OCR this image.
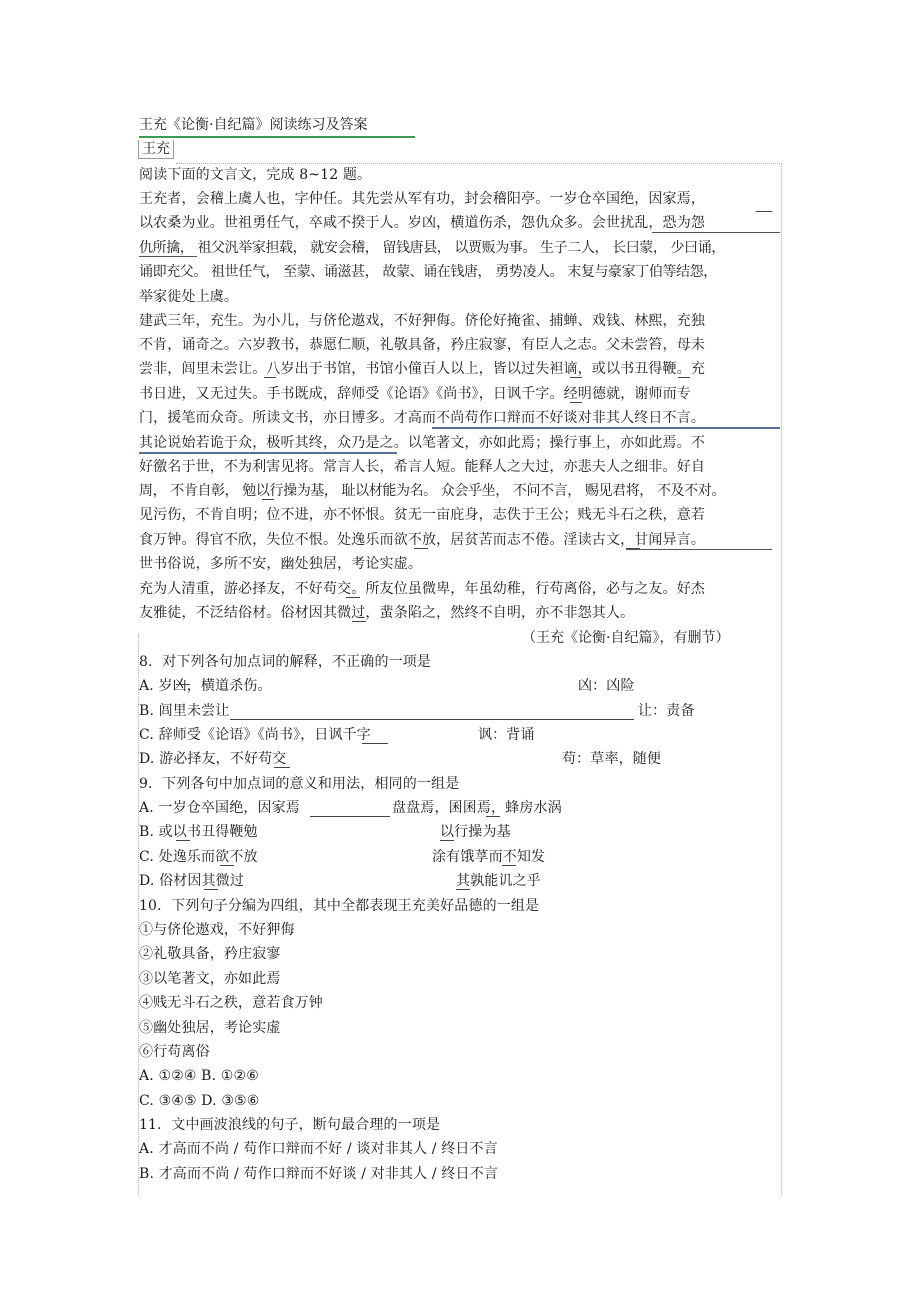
王充《论衡·自纪篇》阅读练习及答案
王充
阅读下面的文言文，完成 8~12 题。
王充者，会稽上虞人也，字仲任。其先尝从军有功，封会稽阳亭。一岁仓卒国绝，因家焉，
以农桑为业。世祖勇任气，卒咸不揆于人。岁凶，横道伤杀，怨仇众多。会世扰乱，恐为怨
仇所擒， 祖父汎举家担载， 就安会稽， 留钱唐县， 以贾贩为事。 生子二人， 长曰蒙， 少曰诵，
诵即充父。 祖世任气， 至蒙、诵滋甚， 故蒙、诵在钱唐， 勇势凌人。 末复与豪家丁伯等结怨，
举家徙处上虞。
建武三年，充生。为小儿，与侪伦遨戏，不好狎侮。侪伦好掩雀、捕蝉、戏钱、林熙，充独
不肯，诵奇之。六岁教书，恭愿仁顺，礼敬具备，矜庄寂寥，有臣人之志。父未尝笞，母未
尝非，闾里未尝让。八岁出于书馆，书馆小僮百人以上，皆以过失袒谪，或以书丑得鞭。充
书日进，又无过失。手书既成，辞师受《论语》《尚书》，日讽千字。经明德就，谢师而专
门，援笔而众奇。所读文书，亦日博多。才高而不尚苟作口辩而不好谈对非其人终日不言。
其论说始若诡于众，极听其终，众乃是之。以笔著文，亦如此焉；操行事上，亦如此焉。不
好徼名于世，不为利害见将。常言人长，希言人短。能释人之大过，亦悲夫人之细非。好自
周， 不肯自彰， 勉以行操为基， 耻以材能为名。 众会乎坐， 不问不言， 赐见君将， 不及不对。
见污伤，不肯自明；位不进，亦不怀恨。贫无一亩庇身，志佚于王公；贱无斗石之秩，意若
食万钟。得官不欣，失位不恨。处逸乐而欲不放，居贫苦而志不倦。淫读古文，甘闻异言。
世书俗说，多所不安，幽处独居，考论实虚。
充为人清重，游必择友，不好苟交。所友位虽微卑，年虽幼稚，行苟离俗，必与之友。好杰
友雅徒，不泛结俗材。俗材因其微过，蜚条陷之，然终不自明，亦不非怨其人。
（王充《论衡·自纪篇》，有删节）
8．对下列各句加点词的解释，不正确的一项是
A. 岁凶，横道杀伤。	凶：凶险
B. 闾里未尝让	让：责备
C. 辞师受《论语》《尚书》，日讽千字	讽：背诵
D. 游必择友，不好苟交	苟：草率，随便
9．下列各句中加点词的意义和用法，相同的一组是
A. 一岁仓卒国绝，因家焉	盘盘焉，囷囷焉，蜂房水涡
B. 或以书丑得鞭勉	以行操为基
C. 处逸乐而欲不放	涂有饿莩而不知发
D. 俗材因其微过	其孰能讥之乎
10．下列句子分编为四组，其中全都表现王充美好品德的一组是
①与侪伦遨戏，不好狎侮
②礼敬具备，矜庄寂寥
③以笔著文，亦如此焉
④贱无斗石之秩，意若食万钟
⑤幽处独居，考论实虚
⑥行苟离俗
A. ①②④ B. ①②⑥
C. ③④⑤ D. ③⑤⑥
11．文中画波浪线的句子，断句最合理的一项是
A. 才高而不尚 / 苟作口辩而不好 / 谈对非其人 / 终日不言
B. 才高而不尚 / 苟作口辩而不好谈 / 对非其人 / 终日不言
